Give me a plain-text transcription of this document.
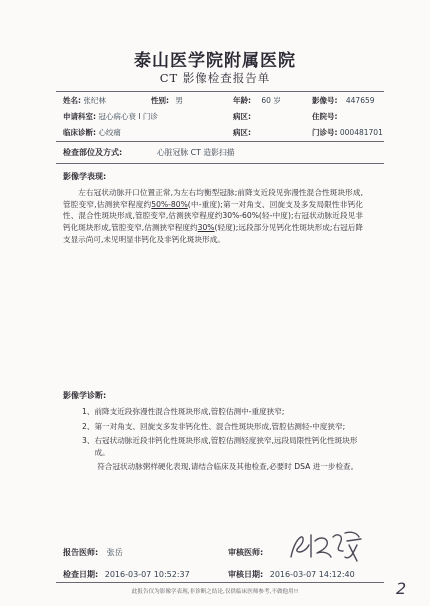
泰山医学院附属医院
CT 影像检查报告单
姓名: 张纪林	性别: 男	年龄: 60 岁	影像号: 447659
申请科室: 冠心病心衰 I 门诊	病区:	住院号:
临床诊断: 心绞痛	病区:	门诊号: 000481701
检查部位及方式:	心脏冠脉 CT 造影扫描
影像学表现:

左右冠状动脉开口位置正常,为左右均衡型冠脉;前降支近段见弥漫性混合性斑块形成,管腔变窄,估测狭窄程度约50%-80%(中-重度);第一对角支、回旋支及多发局限性非钙化性、混合性斑块形成,管腔变窄,估测狭窄程度约30%-60%(轻-中度);右冠状动脉近段见非钙化斑块形成,管腔变窄,估测狭窄程度约30%(轻度);远段部分见钙化性斑块形成;右冠后降支显示尚可,未见明显非钙化及非钙化斑块形成。

影像学诊断:
1、 前降支近段弥漫性混合性斑块形成,管腔估测中-重度狭窄;
2、 第一对角支、回旋支多发非钙化性、混合性斑块形成,管腔估测轻-中度狭窄;
3、 右冠状动脉近段非钙化性斑块形成,管腔估测轻度狭窄,远段局限性钙化性斑块形成。
符合冠状动脉粥样硬化表现,请结合临床及其他检查,必要时 DSA 进一步检查。
报告医师: 张岳	审核医师:
检查日期: 2016-03-07 10:52:37	审核日期: 2016-03-07 14:12:40
2
此报告仅为影像学表现,非诊断之结论,仅供临床医师参考,不做他用!!
